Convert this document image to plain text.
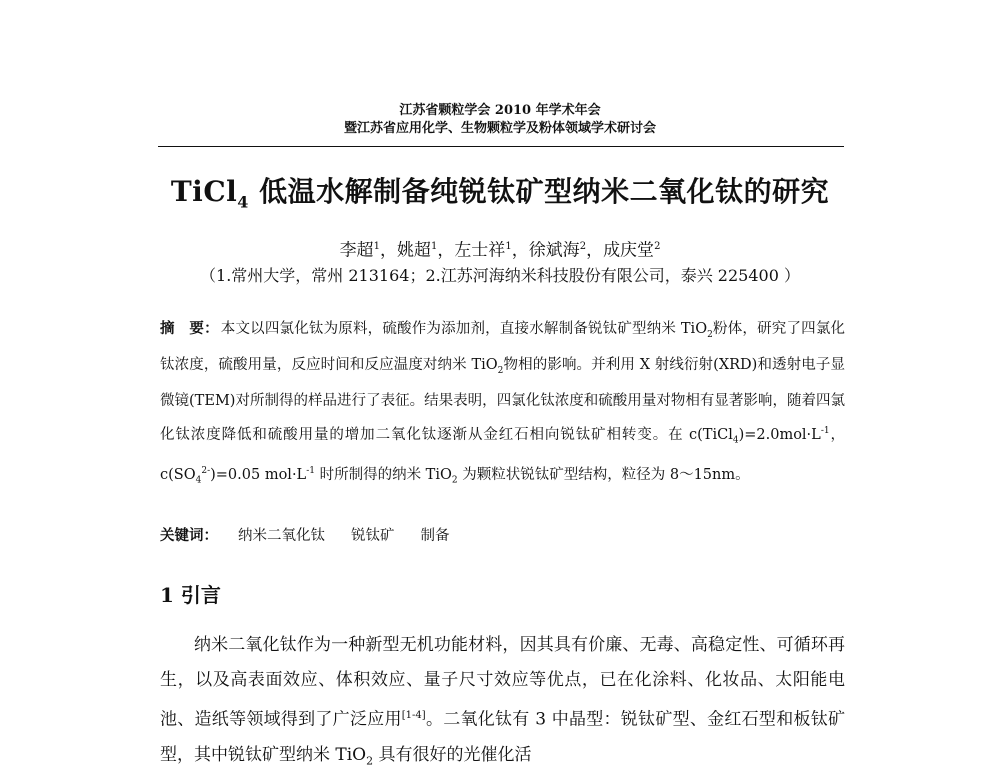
江苏省颗粒学会 2010 年学术年会
暨江苏省应用化学、生物颗粒学及粉体领域学术研讨会
TiCl$_4$ 低温水解制备纯锐钛矿型纳米二氧化钛的研究
李超$^1$，姚超$^1$，左士祥$^1$，徐斌海$^2$，成庆堂$^2$
（1.常州大学，常州 213164；2.江苏河海纳米科技股份有限公司，泰兴 225400 ）
摘　要： 本文以四氯化钛为原料，硫酸作为添加剂，直接水解制备锐钛矿型纳米 TiO$_2$粉体，研究了四氯化钛浓度，硫酸用量，反应时间和反应温度对纳米 TiO$_2$物相的影响。并利用 X 射线衍射(XRD)和透射电子显微镜(TEM)对所制得的样品进行了表征。结果表明，四氯化钛浓度和硫酸用量对物相有显著影响，随着四氯化钛浓度降低和硫酸用量的增加二氧化钛逐渐从金红石相向锐钛矿相转变。在 $c(TiCl_4)=2.0mol\cdot L^{-1}$，$c(SO_4^{2-})=0.05$ $mol\cdot L^{-1}$ 时所制得的纳米 TiO$_2$ 为颗粒状锐钛矿型结构，粒径为 8～15nm。
关键词： 纳米二氧化钛 锐钛矿 制备
1 引言
纳米二氧化钛作为一种新型无机功能材料，因其具有价廉、无毒、高稳定性、可循环再生，以及高表面效应、体积效应、量子尺寸效应等优点，已在化涂料、化妆品、太阳能电池、造纸等领域得到了广泛应用[1-4]。二氧化钛有 3 中晶型：锐钛矿型、金红石型和板钛矿型，其中锐钛矿型纳米 TiO$_2$ 具有很好的光催化活
